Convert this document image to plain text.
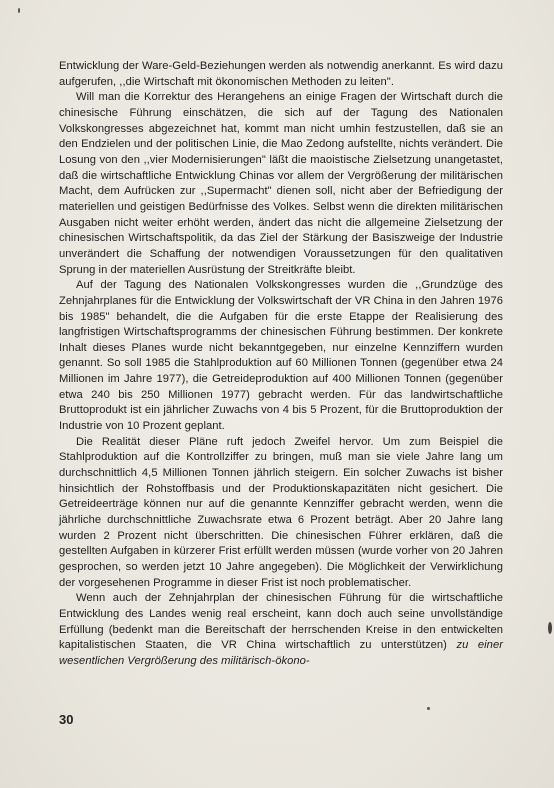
Entwicklung der Ware-Geld-Beziehungen werden als notwendig anerkannt. Es wird dazu aufgerufen, ,,die Wirtschaft mit ökonomischen Methoden zu leiten".

Will man die Korrektur des Herangehens an einige Fragen der Wirtschaft durch die chinesische Führung einschätzen, die sich auf der Tagung des Nationalen Volkskongresses abgezeichnet hat, kommt man nicht umhin festzustellen, daß sie an den Endzielen und der politischen Linie, die Mao Zedong aufstellte, nichts verändert. Die Losung von den ,,vier Modernisierungen" läßt die maoistische Zielsetzung unangetastet, daß die wirtschaftliche Entwicklung Chinas vor allem der Vergrößerung der militärischen Macht, dem Aufrücken zur ,,Supermacht" dienen soll, nicht aber der Befriedigung der materiellen und geistigen Bedürfnisse des Volkes. Selbst wenn die direkten militärischen Ausgaben nicht weiter erhöht werden, ändert das nicht die allgemeine Zielsetzung der chinesischen Wirtschaftspolitik, da das Ziel der Stärkung der Basiszweige der Industrie unverändert die Schaffung der notwendigen Voraussetzungen für den qualitativen Sprung in der materiellen Ausrüstung der Streitkräfte bleibt.

Auf der Tagung des Nationalen Volkskongresses wurden die ,,Grundzüge des Zehnjahrplanes für die Entwicklung der Volkswirtschaft der VR China in den Jahren 1976 bis 1985" behandelt, die die Aufgaben für die erste Etappe der Realisierung des langfristigen Wirtschaftsprogramms der chinesischen Führung bestimmen. Der konkrete Inhalt dieses Planes wurde nicht bekanntgegeben, nur einzelne Kennziffern wurden genannt. So soll 1985 die Stahlproduktion auf 60 Millionen Tonnen (gegenüber etwa 24 Millionen im Jahre 1977), die Getreideproduktion auf 400 Millionen Tonnen (gegenüber etwa 240 bis 250 Millionen 1977) gebracht werden. Für das landwirtschaftliche Bruttoprodukt ist ein jährlicher Zuwachs von 4 bis 5 Prozent, für die Bruttoproduktion der Industrie von 10 Prozent geplant.

Die Realität dieser Pläne ruft jedoch Zweifel hervor. Um zum Beispiel die Stahlproduktion auf die Kontrollziffer zu bringen, muß man sie viele Jahre lang um durchschnittlich 4,5 Millionen Tonnen jährlich steigern. Ein solcher Zuwachs ist bisher hinsichtlich der Rohstoffbasis und der Produktionskapazitäten nicht gesichert. Die Getreideerträge können nur auf die genannte Kennziffer gebracht werden, wenn die jährliche durchschnittliche Zuwachsrate etwa 6 Prozent beträgt. Aber 20 Jahre lang wurden 2 Prozent nicht überschritten. Die chinesischen Führer erklären, daß die gestellten Aufgaben in kürzerer Frist erfüllt werden müssen (wurde vorher von 20 Jahren gesprochen, so werden jetzt 10 Jahre angegeben). Die Möglichkeit der Verwirklichung der vorgesehenen Programme in dieser Frist ist noch problematischer.

Wenn auch der Zehnjahrplan der chinesischen Führung für die wirtschaftliche Entwicklung des Landes wenig real erscheint, kann doch auch seine unvollständige Erfüllung (bedenkt man die Bereitschaft der herrschenden Kreise in den entwickelten kapitalistischen Staaten, die VR China wirtschaftlich zu unterstützen) zu einer wesentlichen Vergrößerung des militärisch-ökono-

30
